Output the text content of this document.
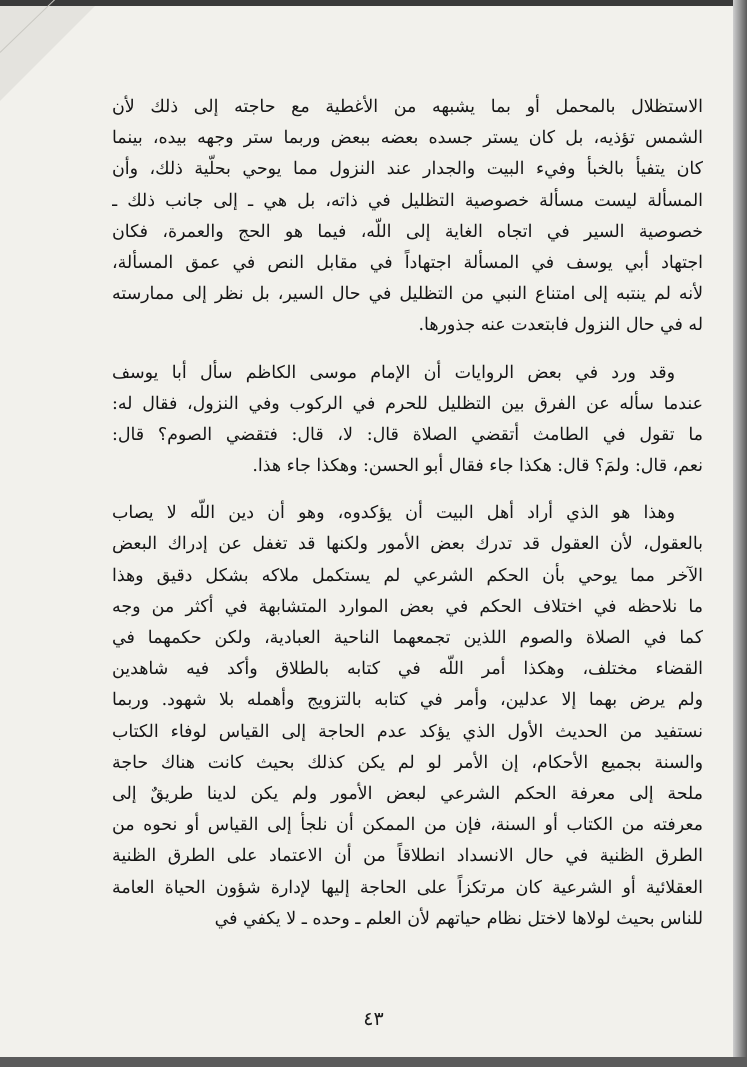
الاستظلال بالمحمل أو بما يشبهه من الأغطية مع حاجته إلى ذلك لأن
الشمس تؤذيه، بل كان يستر جسده بعضه ببعض وربما ستر وجهه بيده، بينما
كان يتفيأ بالخبأ وفيء البيت والجدار عند النزول مما يوحي بحلّية ذلك، وأن
المسألة ليست مسألة خصوصية التظليل في ذاته، بل هي ـ إلى جانب ذلك ـ
خصوصية السير في اتجاه الغاية إلى اللّه، فيما هو الحج والعمرة، فكان
اجتهاد أبي يوسف في المسألة اجتهاداً في مقابل النص في عمق المسألة،
لأنه لم ينتبه إلى امتناع النبي من التظليل في حال السير، بل نظر إلى ممارسته
له في حال النزول فابتعدت عنه جذورها.
وقد ورد في بعض الروايات أن الإمام موسى الكاظم سأل أبا يوسف
عندما سأله عن الفرق بين التظليل للحرم في الركوب وفي النزول، فقال له:
ما تقول في الطامث أتقضي الصلاة قال: لا، قال: فتقضي الصوم؟ قال:
نعم، قال: ولمَ؟ قال: هكذا جاء فقال أبو الحسن: وهكذا جاء هذا.
وهذا هو الذي أراد أهل البيت أن يؤكدوه، وهو أن دين اللّه لا يصاب
بالعقول، لأن العقول قد تدرك بعض الأمور ولكنها قد تغفل عن إدراك البعض
الآخر مما يوحي بأن الحكم الشرعي لم يستكمل ملاكه بشكل دقيق وهذا
ما نلاحظه في اختلاف الحكم في بعض الموارد المتشابهة في أكثر من وجه
كما في الصلاة والصوم اللذين تجمعهما الناحية العبادية، ولكن حكمهما في
القضاء مختلف، وهكذا أمر اللّه في كتابه بالطلاق وأكد فيه شاهدين
ولم يرض بهما إلا عدلين، وأمر في كتابه بالتزويج وأهمله بلا شهود. وربما
نستفيد من الحديث الأول الذي يؤكد عدم الحاجة إلى القياس لوفاء الكتاب
والسنة بجميع الأحكام، إن الأمر لو لم يكن كذلك بحيث كانت هناك حاجة
ملحة إلى معرفة الحكم الشرعي لبعض الأمور ولم يكن لدينا طريقٌ إلى
معرفته من الكتاب أو السنة، فإن من الممكن أن نلجأ إلى القياس أو نحوه من
الطرق الظنية في حال الانسداد انطلاقاً من أن الاعتماد على الطرق الظنية
العقلائية أو الشرعية كان مرتكزاً على الحاجة إليها لإدارة شؤون الحياة العامة
للناس بحيث لولاها لاختل نظام حياتهم لأن العلم ـ وحده ـ لا يكفي في
٤٣
